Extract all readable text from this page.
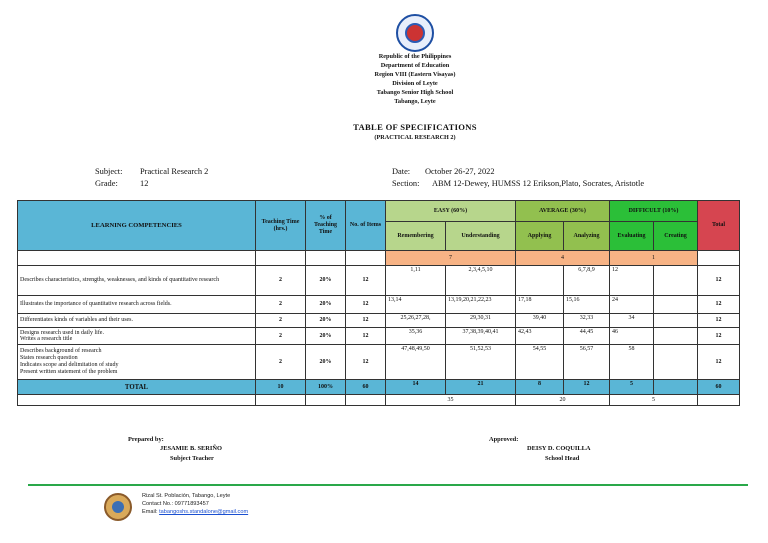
Republic of the Philippines
Department of Education
Region VIII (Eastern Visayas)
Division of Leyte
Tabango Senior High School
Tabango, Leyte
TABLE OF SPECIFICATIONS
(PRACTICAL RESEARCH 2)
Subject: Practical Research 2
Grade:	12
Date: October 26-27, 2022
Section: ABM 12-Dewey, HUMSS 12 Erikson,Plato, Socrates, Aristotle
LEARNING COMPETENCIES	Teaching Time (hrs.)	% of Teaching Time	No. of Items	EASY (60%)		AVERAGE (30%)		DIFFICULT (10%)		Total
				Remembering	Understanding	Applying	Analyzing	Evaluating	Creating	
				7		4		1		
Describes characteristics, strengths, weaknesses, and kinds of quantitative research	2	20%	12	1,11	2,3,4,5,10		6,7,8,9	12		12
Illustrates the importance of quantitative research across fields.	2	20%	12	13,14	13,19,20,21,22,23	17,18	15,16	24		12
Differentiates kinds of variables and their uses.	2	20%	12	25,26,27,28,	29,30,31	39,40	32,33	34		12
Designs research used in daily life.
Writes a research title	2	20%	12	35,36	37,38,39,40,41	42,43	44,45	46		12
Describes background of research
States research question
Indicates scope and delimitation of study
Present written statement of the problem	2	20%	12	47,48,49,50	51,52,53	54,55	56,57	58		12
TOTAL	10	100%	60	14	21	8	12	5		60
				35		20		5		
Prepared by:
JESAMIE B. SERIÑO
Subject Teacher
Approved:
DEISY D. COQUILLA
School Head
Rizal St. Población, Tabango, Leyte
Contact No.: 09771893457
Email: tabangoshs.standalone@gmail.com
